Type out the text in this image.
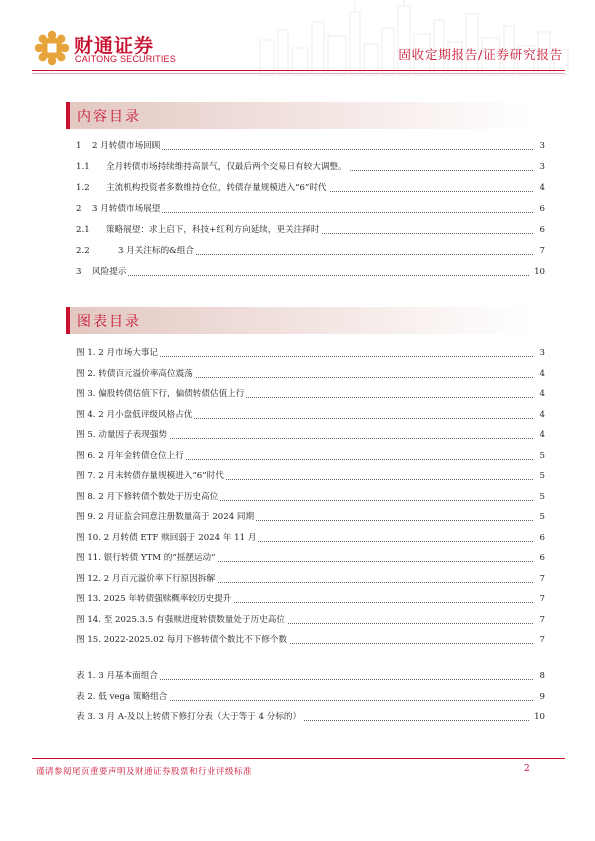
财通证券
CAITONG SECURITIES	固收定期报告/证券研究报告
内容目录
1 2 月转债市场回顾	3
1.1 全月转债市场持续维持高景气，仅最后两个交易日有较大调整。	3
1.2 主流机构投资者多数维持仓位，转债存量规模进入“6”时代	4
2 3 月转债市场展望	6
2.1 策略展望：求上启下，科技+红利方向延续，更关注择时	6
2.2	3 月关注标的&组合	7
3 风险提示	10
图表目录
图 1. 2 月市场大事记	3
图 2. 转债百元溢价率高位震荡	4
图 3. 偏股转债估值下行，偏债转债估值上行	4
图 4. 2 月小盘低评级风格占优	4
图 5. 动量因子表现强势	4
图 6. 2 月年金转债仓位上行	5
图 7. 2 月末转债存量规模进入“6”时代	5
图 8. 2 月下修转债个数处于历史高位	5
图 9. 2 月证监会同意注册数量高于 2024 同期	5
图 10. 2 月转债 ETF 赎回弱于 2024 年 11 月	6
图 11. 银行转债 YTM 的“摇摆运动”	6
图 12. 2 月百元溢价率下行原因拆解	7
图 13. 2025 年转债强赎概率较历史提升	7
图 14. 至 2025.3.5 有强赎进度转债数量处于历史高位	7
图 15. 2022-2025.02 每月下修转债个数比不下修个数	7
表 1. 3 月基本面组合	8
表 2. 低 vega 策略组合	9
表 3. 3 月 A-及以上转债下修打分表（大于等于 4 分标的）	10
谨请参阅尾页重要声明及财通证券股票和行业评级标准	2
